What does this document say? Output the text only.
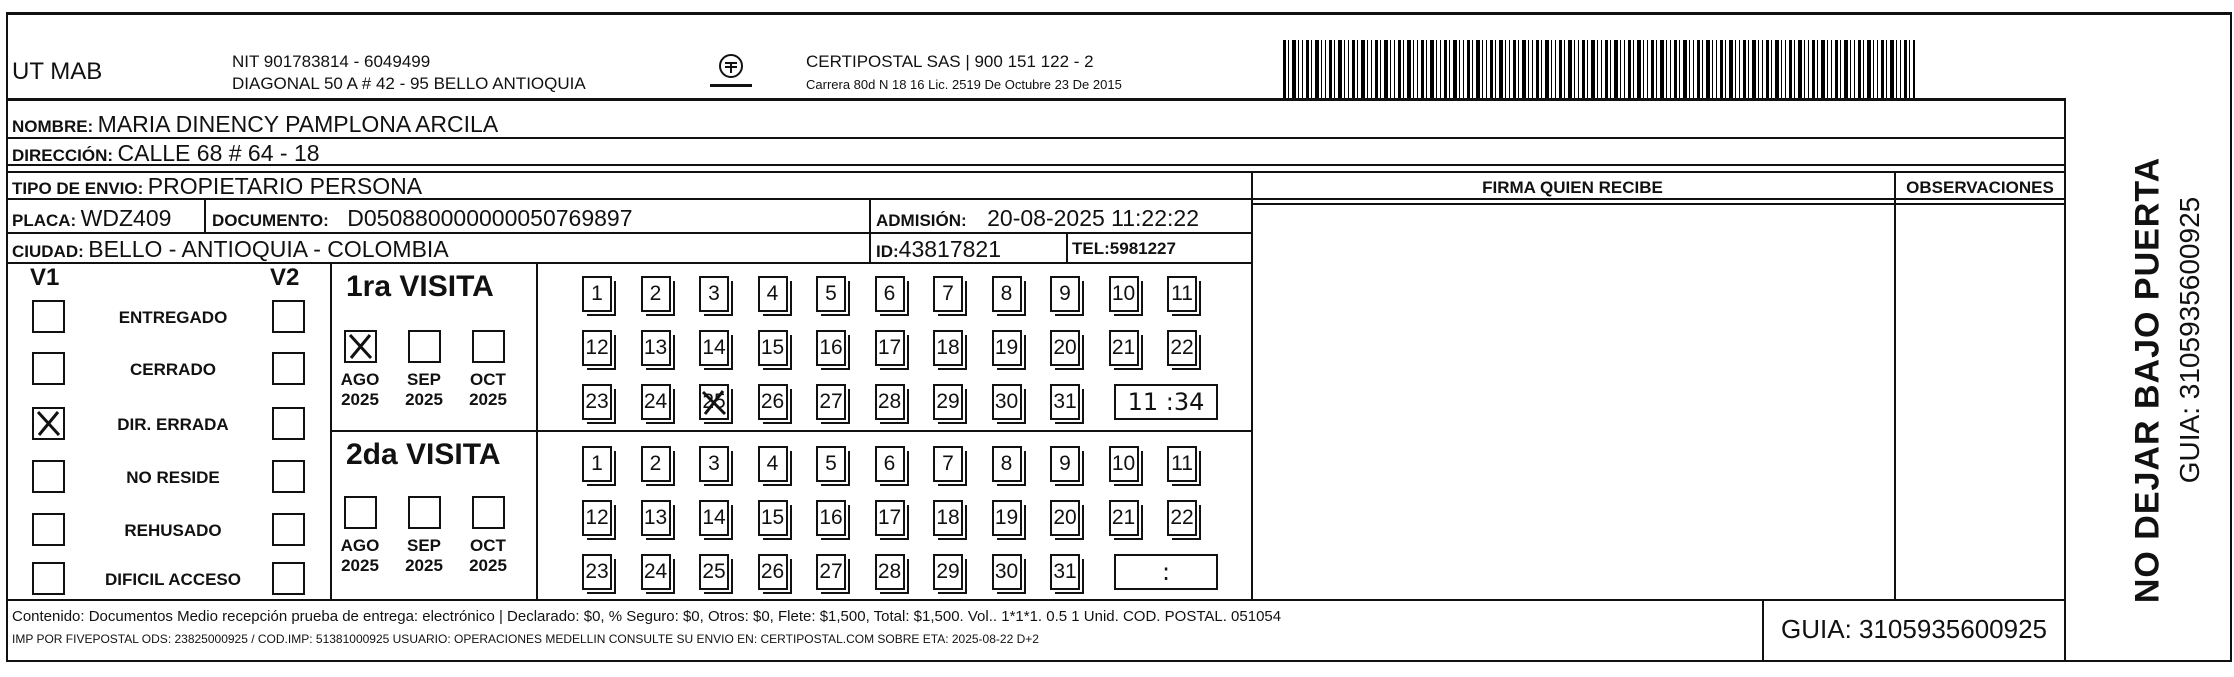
UT MAB	NIT 901783814 - 6049499
DIAGONAL 50 A # 42 - 95 BELLO ANTIOQUIA
CERTIPOSTAL SAS | 900 151 122 - 2
Carrera 80d N 18 16 Lic. 2519 De Octubre 23 De 2015
NOMBRE: MARIA DINENCY PAMPLONA ARCILA
DIRECCIÓN: CALLE 68 # 64 - 18
TIPO DE ENVIO: PROPIETARIO PERSONA
PLACA: WDZ409 DOCUMENTO: D050880000000050769897	ADMISIÓN: 20-08-2025 11:22:22
CIUDAD: BELLO - ANTIOQUIA - COLOMBIA	ID:43817821	TEL:5981227
FIRMA QUIEN RECIBE	OBSERVACIONES
V1	V2
ENTREGADO
CERRADO
DIR. ERRADA
NO RESIDE
REHUSADO
DIFICIL ACCESO
1ra VISITA
AGO
2025
SEP
2025
OCT
2025
1	2	3	4	5	6	7	8	9	10 11
12 13 14 15 16 17 18 19 20 21 22
23 24 25 26 27 28 29 30 31	11 :34
2da VISITA
AGO
2025
SEP
2025
OCT
2025
1	2	3	4	5	6	7	8	9	10 11
12 13 14 15 16 17 18 19 20 21 22
23 24 25 26 27 28 29 30 31	:
Contenido: Documentos Medio recepción prueba de entrega: electrónico | Declarado: $0, % Seguro: $0, Otros: $0, Flete: $1,500, Total: $1,500. Vol.. 1*1*1. 0.5 1 Unid. COD. POSTAL. 051054
IMP POR FIVEPOSTAL ODS: 23825000925 / COD.IMP: 51381000925 USUARIO: OPERACIONES MEDELLIN CONSULTE SU ENVIO EN: CERTIPOSTAL.COM SOBRE ETA: 2025-08-22 D+2	GUIA: 3105935600925
NO DEJAR BAJO PUERTA GUIA: 3105935600925
